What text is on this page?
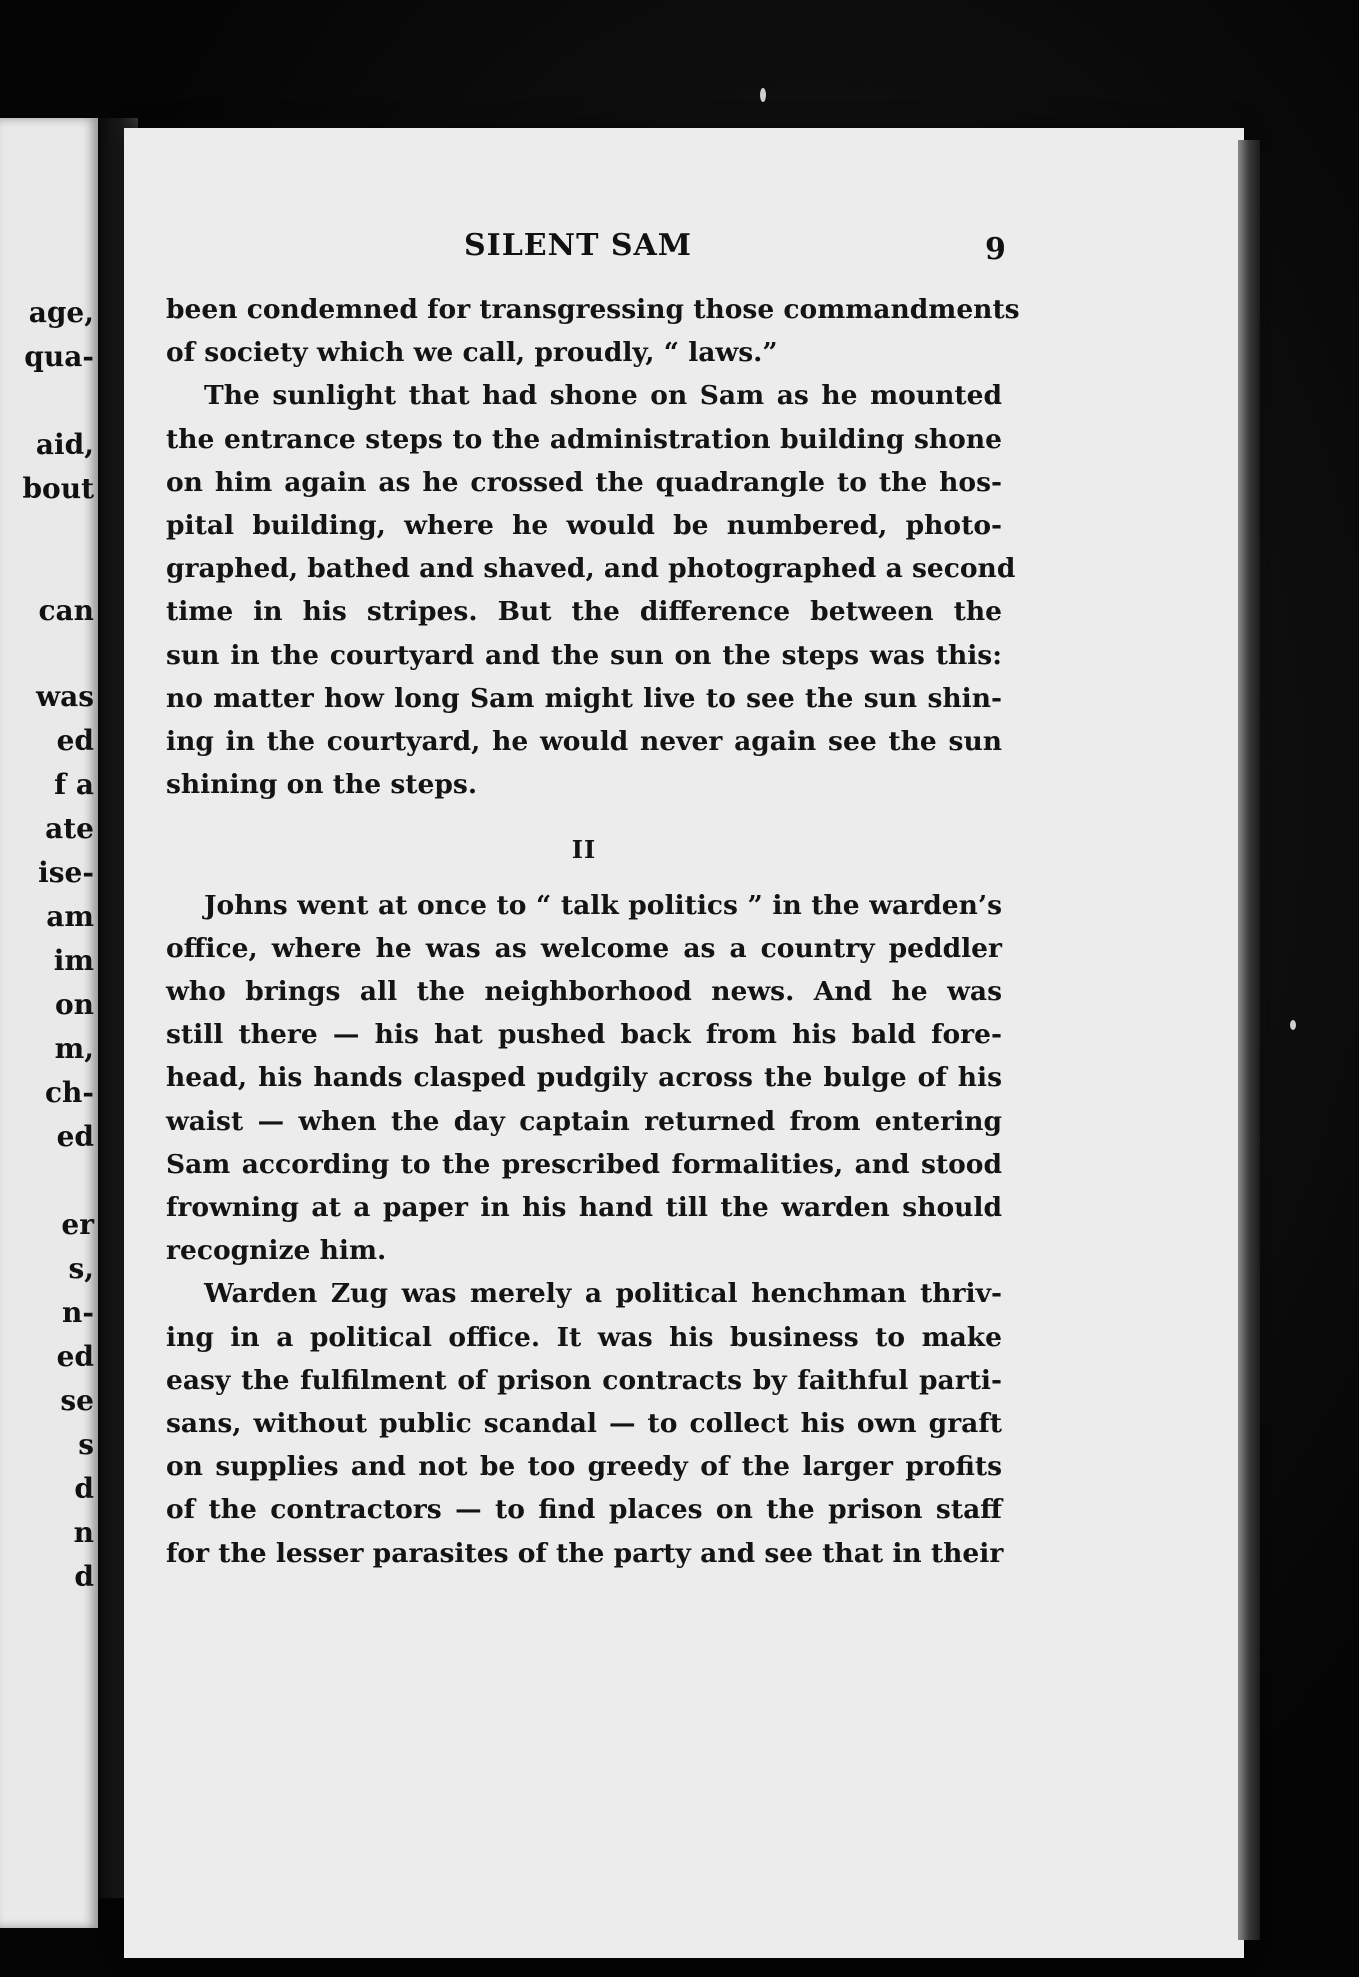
age,
qua-
aid,
bout
can
was
ed
f a
ate
ise-
am
im
on
m,
ch-
ed
er
s,
n-
ed
se
s
d
n
d
SILENT SAM	9
been condemned for transgressing those commandments
of society which we call, proudly, “ laws.”
The sunlight that had shone on Sam as he mounted
the entrance steps to the administration building shone
on him again as he crossed the quadrangle to the hos-
pital building, where he would be numbered, photo-
graphed, bathed and shaved, and photographed a second
time in his stripes. But the difference between the
sun in the courtyard and the sun on the steps was this:
no matter how long Sam might live to see the sun shin-
ing in the courtyard, he would never again see the sun
shining on the steps.
II
Johns went at once to “ talk politics ” in the warden’s
office, where he was as welcome as a country peddler
who brings all the neighborhood news. And he was
still there — his hat pushed back from his bald fore-
head, his hands clasped pudgily across the bulge of his
waist — when the day captain returned from entering
Sam according to the prescribed formalities, and stood
frowning at a paper in his hand till the warden should
recognize him.
Warden Zug was merely a political henchman thriv-
ing in a political office. It was his business to make
easy the fulfilment of prison contracts by faithful parti-
sans, without public scandal — to collect his own graft
on supplies and not be too greedy of the larger profits
of the contractors — to find places on the prison staff
for the lesser parasites of the party and see that in their
